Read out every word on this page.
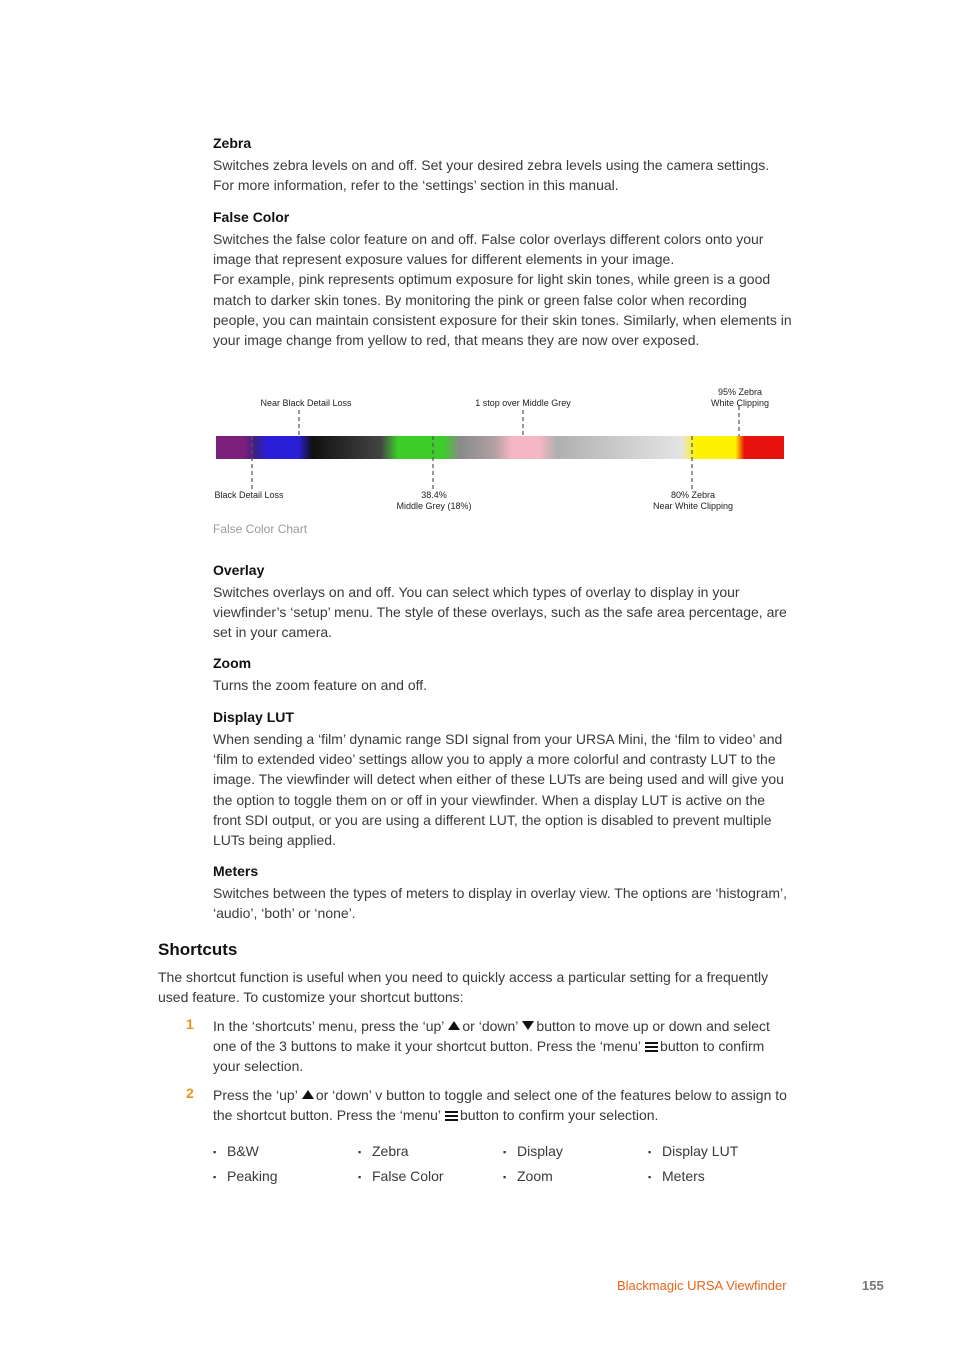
Zebra

Switches zebra levels on and off. Set your desired zebra levels using the camera settings. For more information, refer to the ‘settings’ section in this manual.

False Color

Switches the false color feature on and off. False color overlays different colors onto your image that represent exposure values for different elements in your image.

For example, pink represents optimum exposure for light skin tones, while green is a good match to darker skin tones. By monitoring the pink or green false color when recording people, you can maintain consistent exposure for their skin tones. Similarly, when elements in your image change from yellow to red, that means they are now over exposed.

Near Black Detail Loss	1 stop over Middle Grey
95% Zebra
White Clipping
Black Detail Loss	38.4%
Middle Grey (18%)
80% Zebra
Near White Clipping
False Color Chart

Overlay

Switches overlays on and off. You can select which types of overlay to display in your viewfinder’s ‘setup’ menu. The style of these overlays, such as the safe area percentage, are set in your camera.

Zoom

Turns the zoom feature on and off.

Display LUT

When sending a ‘film’ dynamic range SDI signal from your URSA Mini, the ‘film to video’ and ‘film to extended video’ settings allow you to apply a more colorful and contrasty LUT to the image. The viewfinder will detect when either of these LUTs are being used and will give you the option to toggle them on or off in your viewfinder. When a display LUT is active on the front SDI output, or you are using a different LUT, the option is disabled to prevent multiple LUTs being applied.

Meters

Switches between the types of meters to display in overlay view. The options are ‘histogram’, ‘audio’, ‘both’ or ‘none’.

Shortcuts

The shortcut function is useful when you need to quickly access a particular setting for a frequently used feature. To customize your shortcut buttons:

1 In the ‘shortcuts’ menu, press the ‘up’ or ‘down’ button to move up or down and select one of the 3 buttons to make it your shortcut button. Press the ‘menu’ button to confirm your selection.
2 Press the ‘up’ or ‘down’ v button to toggle and select one of the features below to assign to the shortcut button. Press the ‘menu’ button to confirm your selection.
▪ B&W	▪ Zebra	▪ Display	▪ Display LUT
▪ Peaking	▪ False Color	▪ Zoom	▪ Meters
Blackmagic URSA Viewfinder	155
